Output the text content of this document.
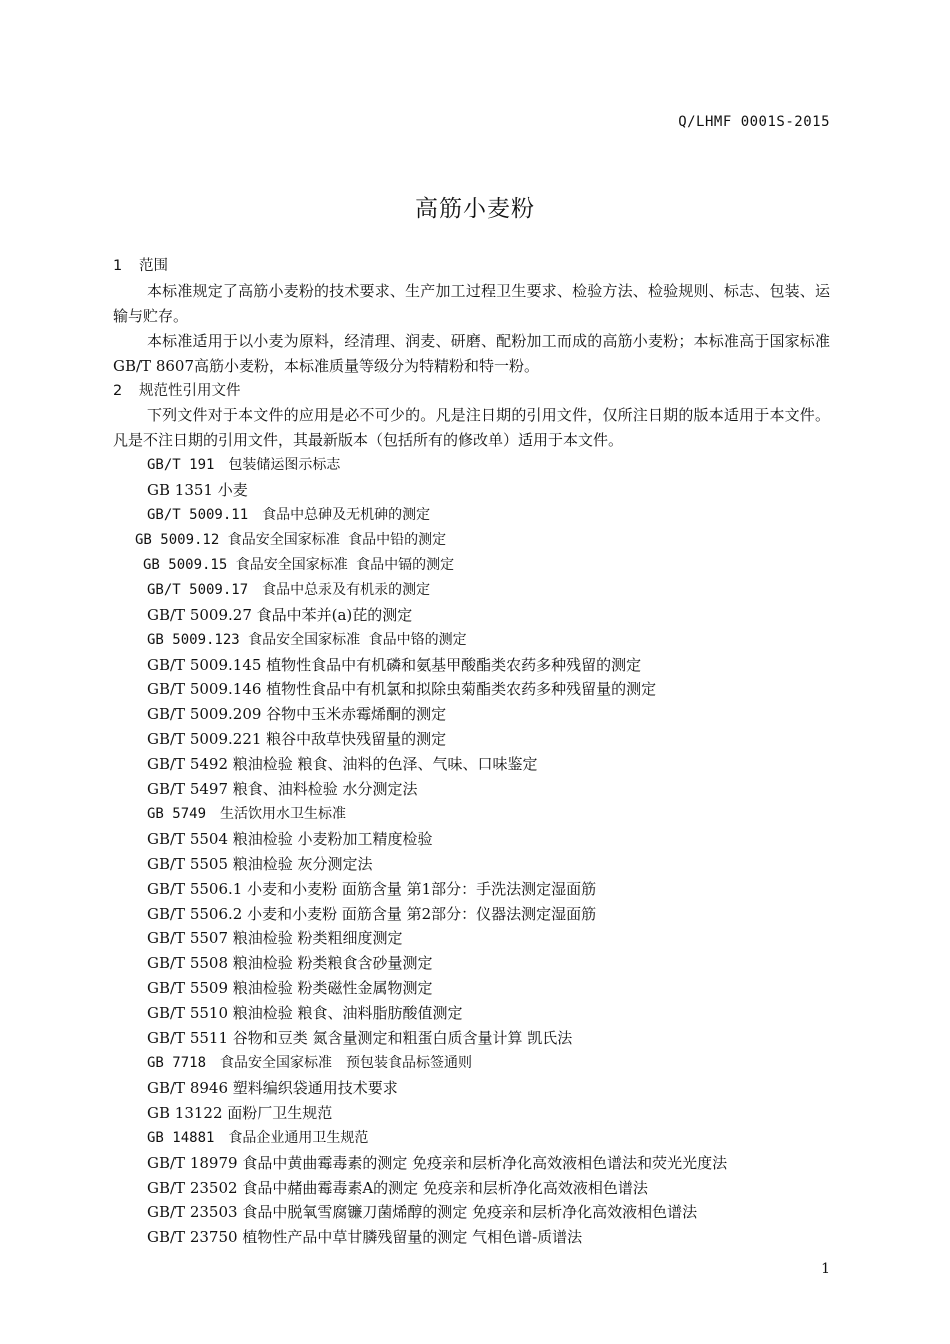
Q/LHMF 0001S-2015
高筋小麦粉
1 范围
本标准规定了高筋小麦粉的技术要求、生产加工过程卫生要求、检验方法、检验规则、标志、包装、运输与贮存。
本标准适用于以小麦为原料，经清理、润麦、研磨、配粉加工而成的高筋小麦粉；本标准高于国家标准GB/T 8607高筋小麦粉，本标准质量等级分为特精粉和特一粉。
2 规范性引用文件
下列文件对于本文件的应用是必不可少的。凡是注日期的引用文件，仅所注日期的版本适用于本文件。凡是不注日期的引用文件，其最新版本（包括所有的修改单）适用于本文件。
GB/T 191　包装储运图示标志
GB 1351 小麦
GB/T 5009.11　食品中总砷及无机砷的测定
GB 5009.12 食品安全国家标准 食品中铅的测定
GB 5009.15 食品安全国家标准 食品中镉的测定
GB/T 5009.17　食品中总汞及有机汞的测定
GB/T 5009.27 食品中苯并(a)芘的测定
GB 5009.123 食品安全国家标准 食品中铬的测定
GB/T 5009.145 植物性食品中有机磷和氨基甲酸酯类农药多种残留的测定
GB/T 5009.146 植物性食品中有机氯和拟除虫菊酯类农药多种残留量的测定
GB/T 5009.209 谷物中玉米赤霉烯酮的测定
GB/T 5009.221 粮谷中敌草快残留量的测定
GB/T 5492 粮油检验 粮食、油料的色泽、气味、口味鉴定
GB/T 5497 粮食、油料检验 水分测定法
GB 5749　生活饮用水卫生标准
GB/T 5504 粮油检验 小麦粉加工精度检验
GB/T 5505 粮油检验 灰分测定法
GB/T 5506.1 小麦和小麦粉 面筋含量 第1部分：手洗法测定湿面筋
GB/T 5506.2 小麦和小麦粉 面筋含量 第2部分：仪器法测定湿面筋
GB/T 5507 粮油检验 粉类粗细度测定
GB/T 5508 粮油检验 粉类粮食含砂量测定
GB/T 5509 粮油检验 粉类磁性金属物测定
GB/T 5510 粮油检验 粮食、油料脂肪酸值测定
GB/T 5511 谷物和豆类 氮含量测定和粗蛋白质含量计算 凯氏法
GB 7718　食品安全国家标准　预包装食品标签通则
GB/T 8946 塑料编织袋通用技术要求
GB 13122 面粉厂卫生规范
GB 14881　食品企业通用卫生规范
GB/T 18979 食品中黄曲霉毒素的测定 免疫亲和层析净化高效液相色谱法和荧光光度法
GB/T 23502 食品中赭曲霉毒素A的测定 免疫亲和层析净化高效液相色谱法
GB/T 23503 食品中脱氧雪腐镰刀菌烯醇的测定 免疫亲和层析净化高效液相色谱法
GB/T 23750 植物性产品中草甘膦残留量的测定 气相色谱-质谱法
1
